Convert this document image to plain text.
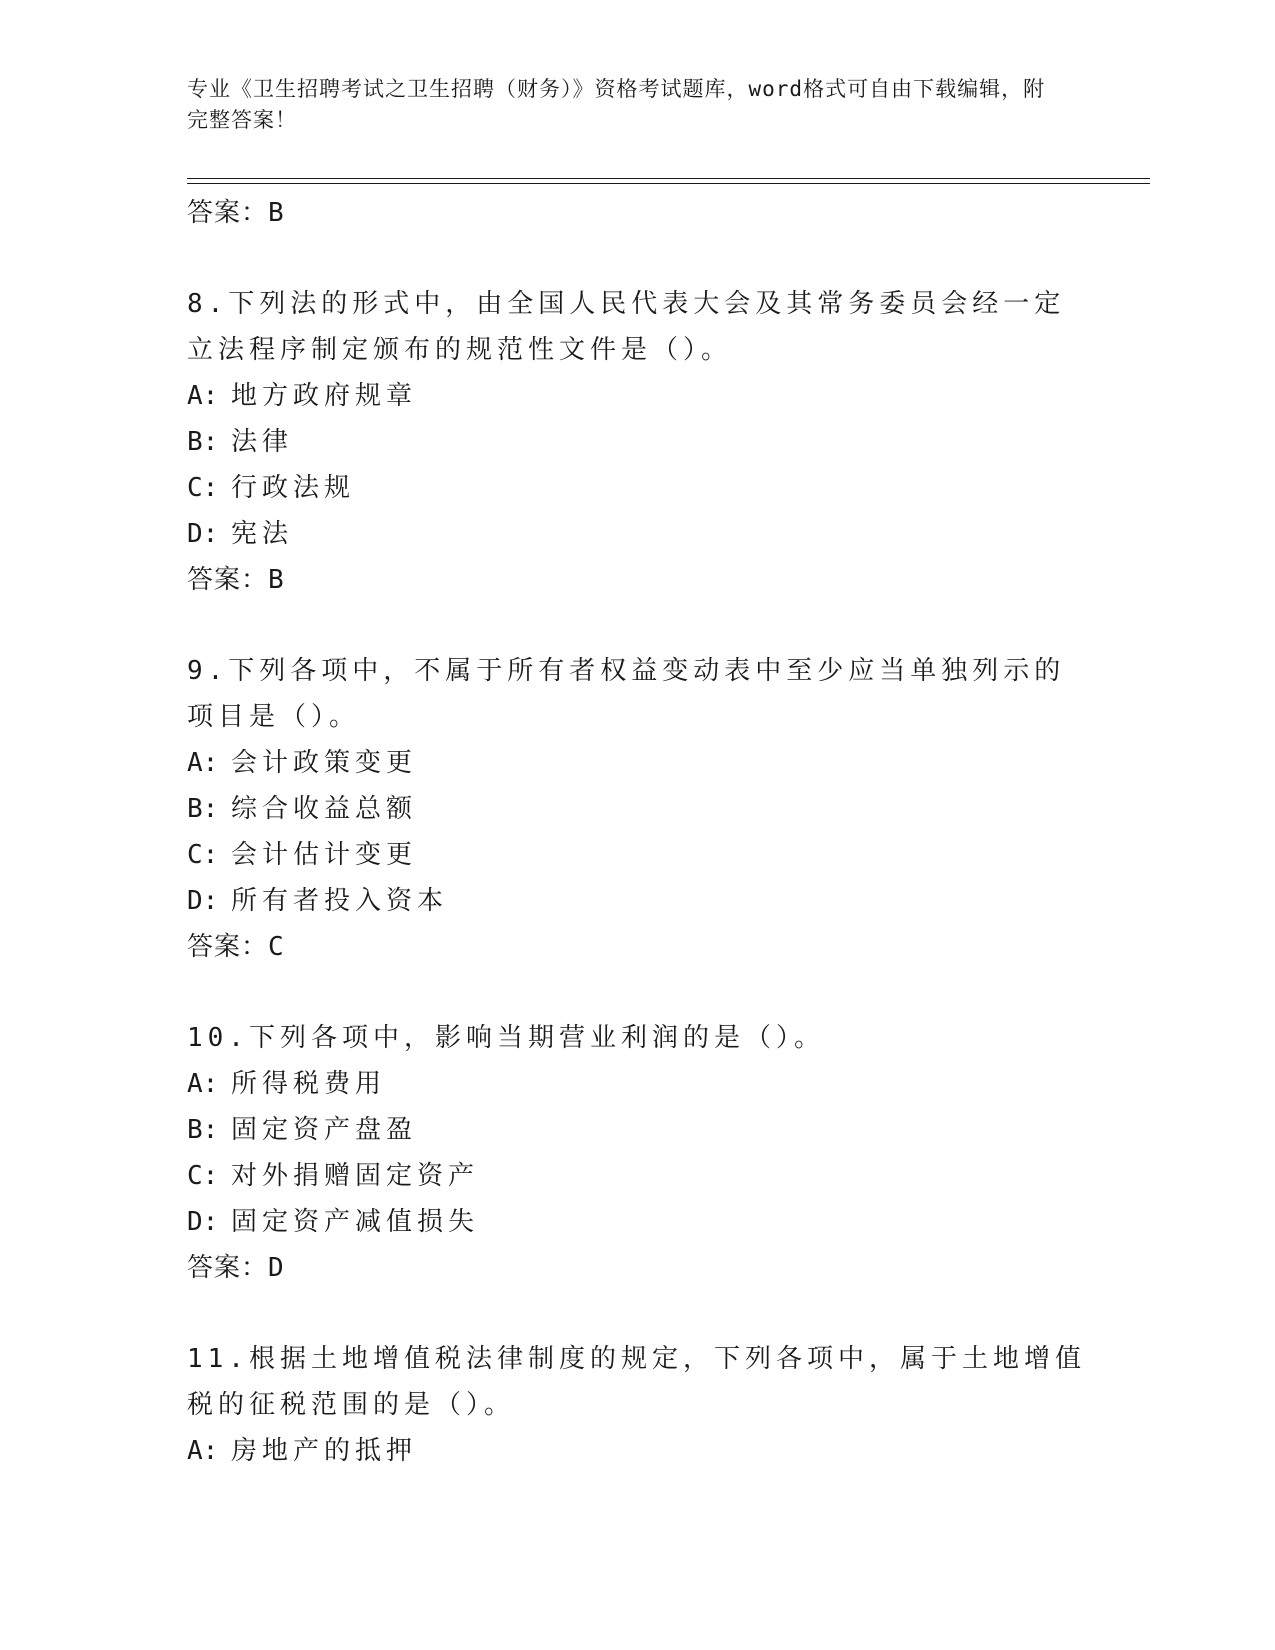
专业《卫生招聘考试之卫生招聘（财务）》资格考试题库，word格式可自由下载编辑，附完整答案！
答案：B
8.下列法的形式中，由全国人民代表大会及其常务委员会经一定立法程序制定颁布的规范性文件是（）。
A: 地方政府规章
B: 法律
C: 行政法规
D: 宪法
答案：B
9.下列各项中，不属于所有者权益变动表中至少应当单独列示的项目是（）。
A: 会计政策变更
B: 综合收益总额
C: 会计估计变更
D: 所有者投入资本
答案：C
10.下列各项中，影响当期营业利润的是（）。
A: 所得税费用
B: 固定资产盘盈
C: 对外捐赠固定资产
D: 固定资产减值损失
答案：D
11.根据土地增值税法律制度的规定，下列各项中，属于土地增值税的征税范围的是（）。
A: 房地产的抵押
